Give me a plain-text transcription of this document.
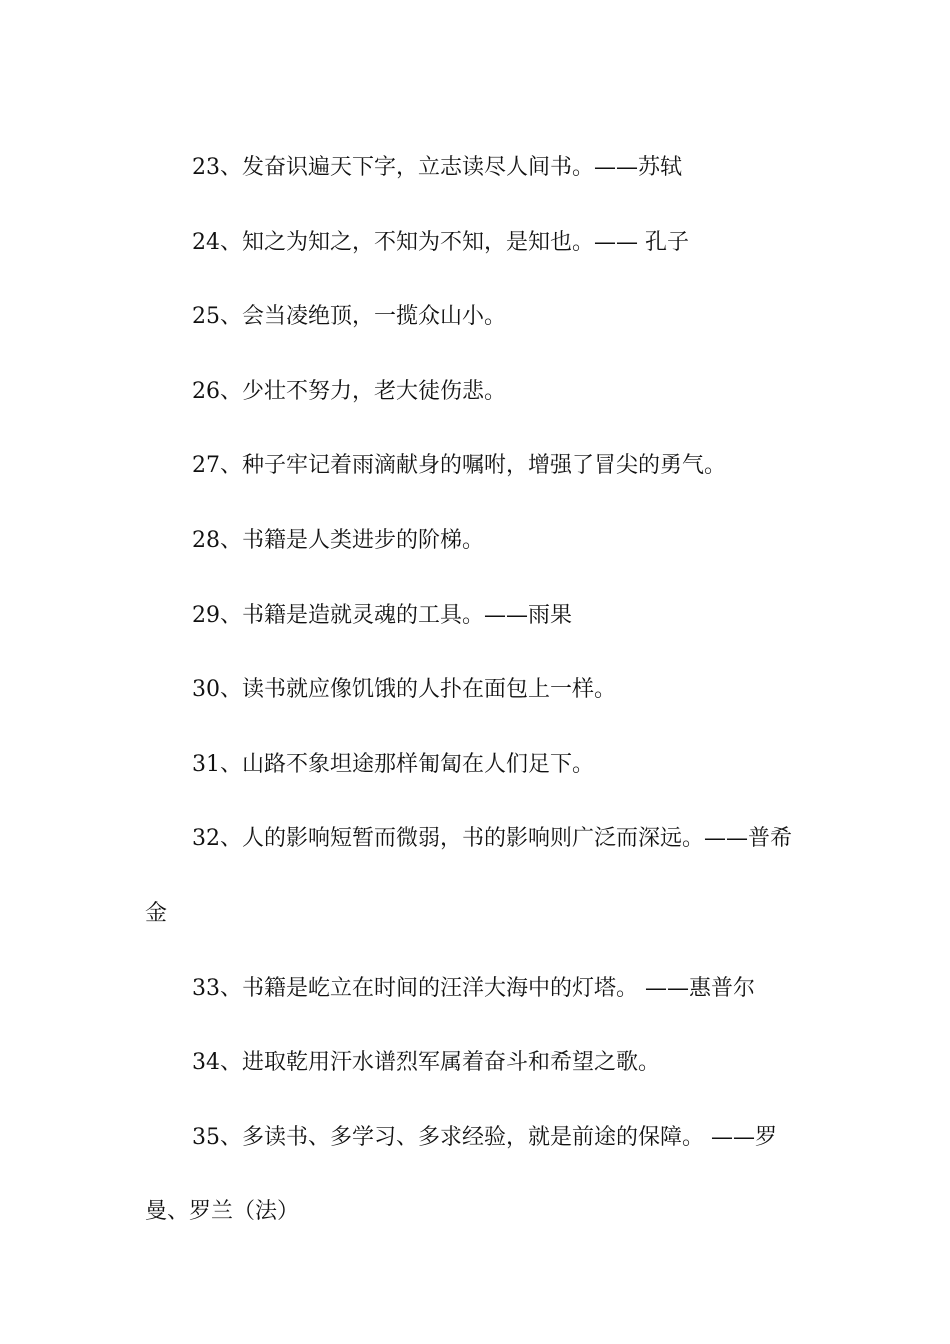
23、发奋识遍天下字，立志读尽人间书。——苏轼

24、知之为知之，不知为不知，是知也。—— 孔子

25、会当凌绝顶，一揽众山小。

26、少壮不努力，老大徒伤悲。

27、种子牢记着雨滴献身的嘱咐，增强了冒尖的勇气。

28、书籍是人类进步的阶梯。

29、书籍是造就灵魂的工具。——雨果

30、读书就应像饥饿的人扑在面包上一样。

31、山路不象坦途那样匍匐在人们足下。

32、人的影响短暂而微弱，书的影响则广泛而深远。——普希金

33、书籍是屹立在时间的汪洋大海中的灯塔。 ——惠普尔

34、进取乾用汗水谱烈军属着奋斗和希望之歌。

35、多读书、多学习、多求经验，就是前途的保障。 ——罗曼、罗兰（法）
